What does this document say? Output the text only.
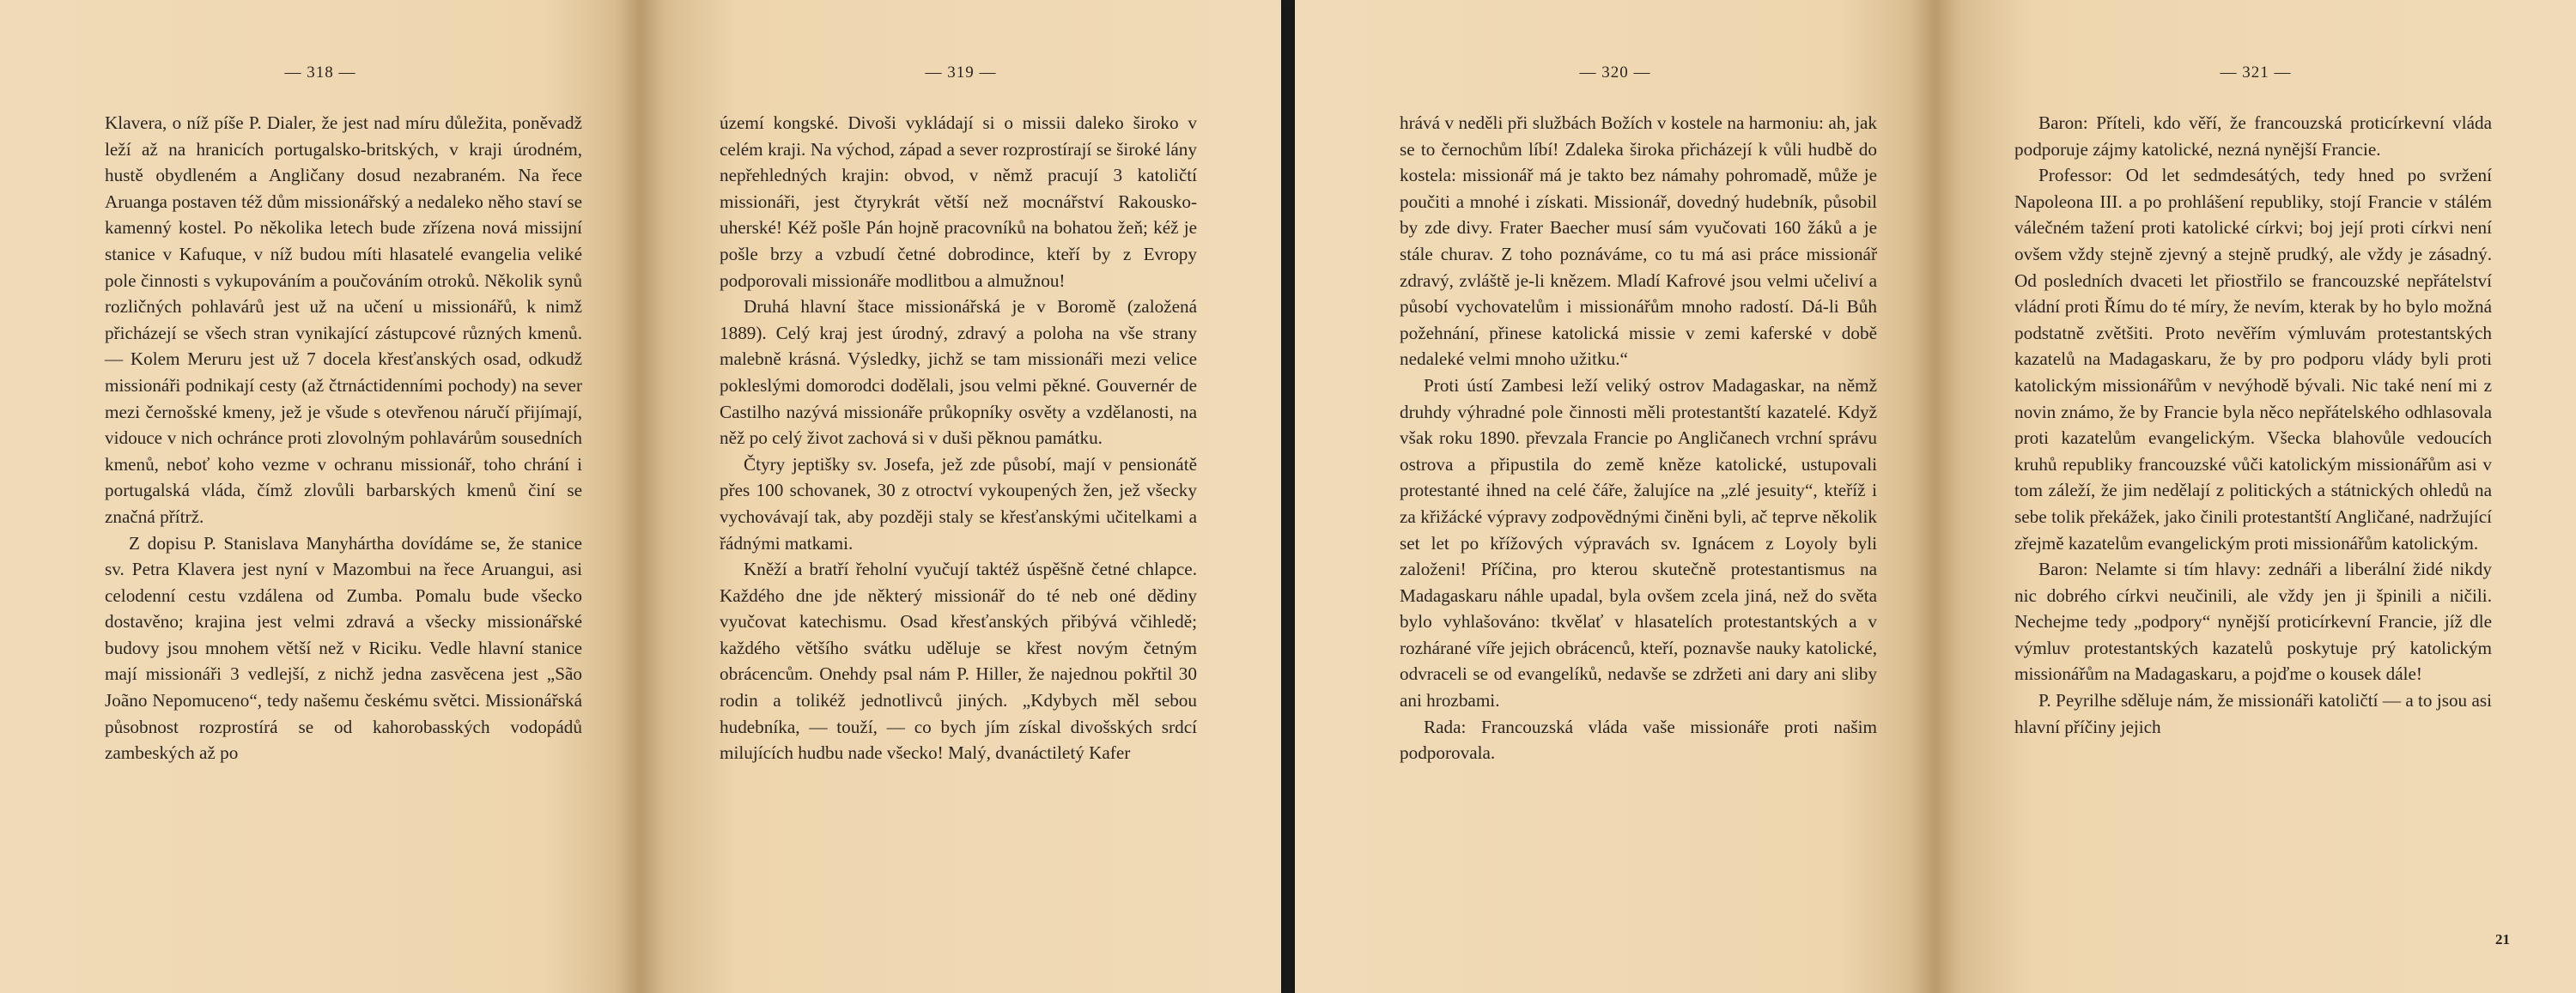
— 318 —

Klavera, o níž píše P. Dialer, že jest nad míru důležita, poněvadž leží až na hranicích portugalsko-britských, v kraji úrodném, hustě obydleném a Angličany dosud nezabraném. Na řece Aruanga postaven též dům missionářský a nedaleko něho staví se kamenný kostel. Po několika letech bude zřízena nová missijní stanice v Kafuque, v níž budou míti hlasatelé evangelia veliké pole činnosti s vykupováním a poučováním otroků. Několik synů rozličných pohlavárů jest už na učení u missionářů, k nimž přicházejí se všech stran vynikající zástupcové různých kmenů. — Kolem Meruru jest už 7 docela křesťanských osad, odkudž missionáři podnikají cesty (až čtrnáctidenními pochody) na sever mezi černošské kmeny, jež je všude s otevřenou náručí přijímají, vidouce v nich ochránce proti zlovolným pohlavárům sousedních kmenů, neboť koho vezme v ochranu missionář, toho chrání i portugalská vláda, čímž zlovůli barbarských kmenů činí se značná přítrž.

Z dopisu P. Stanislava Manyhártha dovídáme se, že stanice sv. Petra Klavera jest nyní v Mazombui na řece Aruangui, asi celodenní cestu vzdálena od Zumba. Pomalu bude všecko dostavěno; krajina jest velmi zdravá a všecky missionářské budovy jsou mnohem větší než v Riciku. Vedle hlavní stanice mají missionáři 3 vedlejší, z nichž jedna zasvěcena jest „São Joãno Nepomuceno“, tedy našemu českému světci. Missionářská působnost rozprostírá se od kahorobasských vodopádů zambeských až po

— 319 —

území kongské. Divoši vykládají si o missii daleko široko v celém kraji. Na východ, západ a sever rozprostírají se široké lány nepřehledných krajin: obvod, v němž pracují 3 katoličtí missionáři, jest čtyrykrát větší než mocnářství Rakousko-uherské! Kéž pošle Pán hojně pracovníků na bohatou žeň; kéž je pošle brzy a vzbudí četné dobrodince, kteří by z Evropy podporovali missionáře modlitbou a almužnou!

Druhá hlavní štace missionářská je v Boromě (založená 1889). Celý kraj jest úrodný, zdravý a poloha na vše strany malebně krásná. Výsledky, jichž se tam missionáři mezi velice pokleslými domorodci dodělali, jsou velmi pěkné. Gouvernér de Castilho nazývá missionáře průkopníky osvěty a vzdělanosti, na něž po celý život zachová si v duši pěknou památku.

Čtyry jeptišky sv. Josefa, jež zde působí, mají v pensionátě přes 100 schovanek, 30 z otroctví vykoupených žen, jež všecky vychovávají tak, aby později staly se křesťanskými učitelkami a řádnými matkami.

Kněží a bratří řeholní vyučují taktéž úspěšně četné chlapce. Každého dne jde některý missionář do té neb oné dědiny vyučovat katechismu. Osad křesťanských přibývá včihledě; každého většího svátku uděluje se křest novým četným obrácencům. Onehdy psal nám P. Hiller, že najednou pokřtil 30 rodin a tolikéž jednotlivců jiných. „Kdybych měl sebou hudebníka, — touží, — co bych jím získal divošských srdcí milujících hudbu nade všecko! Malý, dvanáctiletý Kafer

— 320 —

hrává v neděli při službách Božích v kostele na harmoniu: ah, jak se to černochům líbí! Zdaleka široka přicházejí k vůli hudbě do kostela: missionář má je takto bez námahy pohromadě, může je poučiti a mnohé i získati. Missionář, dovedný hudebník, působil by zde divy. Frater Baecher musí sám vyučovati 160 žáků a je stále churav. Z toho poznáváme, co tu má asi práce missionář zdravý, zvláště je-li knězem. Mladí Kafrové jsou velmi učeliví a působí vychovatelům i missionářům mnoho radostí. Dá-li Bůh požehnání, přinese katolická missie v zemi kaferské v době nedaleké velmi mnoho užitku.“

Proti ústí Zambesi leží veliký ostrov Madagaskar, na němž druhdy výhradné pole činnosti měli protestantští kazatelé. Když však roku 1890. převzala Francie po Angličanech vrchní správu ostrova a připustila do země kněze katolické, ustupovali protestanté ihned na celé čáře, žalujíce na „zlé jesuity“, kteříž i za křižácké výpravy zodpovědnými činěni byli, ač teprve několik set let po křížových výpravách sv. Ignácem z Loyoly byli založeni! Příčina, pro kterou skutečně protestantismus na Madagaskaru náhle upadal, byla ovšem zcela jiná, než do světa bylo vyhlašováno: tkvělať v hlasatelích protestantských a v rozhárané víře jejich obrácenců, kteří, poznavše nauky katolické, odvraceli se od evangelíků, nedavše se zdržeti ani dary ani sliby ani hrozbami.

Rada: Francouzská vláda vaše missionáře proti našim podporovala.

— 321 —

Baron: Příteli, kdo věří, že francouzská proticírkevní vláda podporuje zájmy katolické, nezná nynější Francie.

Professor: Od let sedmdesátých, tedy hned po svržení Napoleona III. a po prohlášení republiky, stojí Francie v stálém válečném tažení proti katolické církvi; boj její proti církvi není ovšem vždy stejně zjevný a stejně prudký, ale vždy je zásadný. Od posledních dvaceti let přiostřilo se francouzské nepřátelství vládní proti Římu do té míry, že nevím, kterak by ho bylo možná podstatně zvětšiti. Proto nevěřím výmluvám protestantských kazatelů na Madagaskaru, že by pro podporu vlády byli proti katolickým missionářům v nevýhodě bývali. Nic také není mi z novin známo, že by Francie byla něco nepřátelského odhlasovala proti kazatelům evangelickým. Všecka blahovůle vedoucích kruhů republiky francouzské vůči katolickým missionářům asi v tom záleží, že jim nedělají z politických a státnických ohledů na sebe tolik překážek, jako činili protestantští Angličané, nadržující zřejmě kazatelům evangelickým proti missionářům katolickým.

Baron: Nelamte si tím hlavy: zednáři a liberální židé nikdy nic dobrého církvi neučinili, ale vždy jen ji špinili a ničili. Nechejme tedy „podpory“ nynější proticírkevní Francie, jíž dle výmluv protestantských kazatelů poskytuje prý katolickým missionářům na Madagaskaru, a pojďme o kousek dále!

P. Peyrilhe sděluje nám, že missionáři katoličtí — a to jsou asi hlavní příčiny jejich

21
